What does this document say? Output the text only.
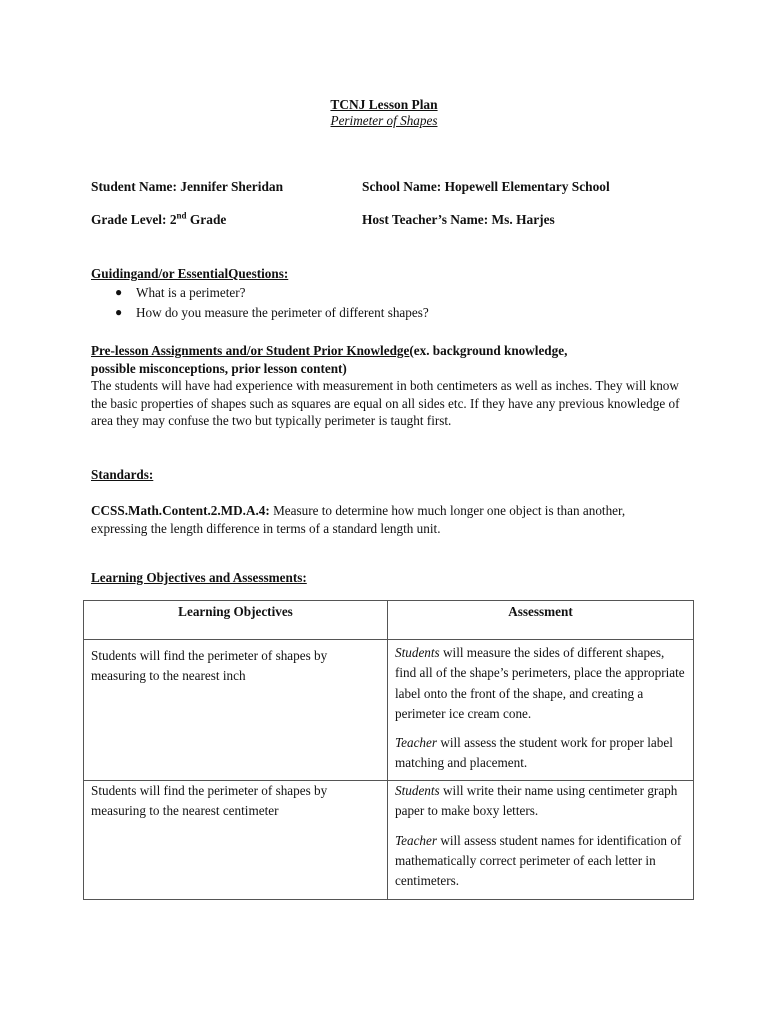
TCNJ Lesson Plan
Perimeter of Shapes
Student Name: Jennifer Sheridan	School Name: Hopewell Elementary School
Grade Level: 2nd Grade	Host Teacher’s Name: Ms. Harjes
Guidingand/or EssentialQuestions:
● What is a perimeter?
● How do you measure the perimeter of different shapes?
Pre-lesson Assignments and/or Student Prior Knowledge(ex. background knowledge,
possible misconceptions, prior lesson content)
The students will have had experience with measurement in both centimeters as well as inches. They will know the basic properties of shapes such as squares are equal on all sides etc. If they have any previous knowledge of area they may confuse the two but typically perimeter is taught first.
Standards:
CCSS.Math.Content.2.MD.A.4: Measure to determine how much longer one object is than another, expressing the length difference in terms of a standard length unit.
Learning Objectives and Assessments:
Learning Objectives	Assessment

Students will find the perimeter of shapes by measuring to the nearest inch	Students will measure the sides of different shapes, find all of the shape’s perimeters, place the appropriate label onto the front of the shape, and creating a perimeter ice cream cone.
Teacher will assess the student work for proper label matching and placement.

Students will find the perimeter of shapes by measuring to the nearest centimeter	Students will write their name using centimeter graph paper to make boxy letters.
Teacher will assess student names for identification of mathematically correct perimeter of each letter in centimeters.
